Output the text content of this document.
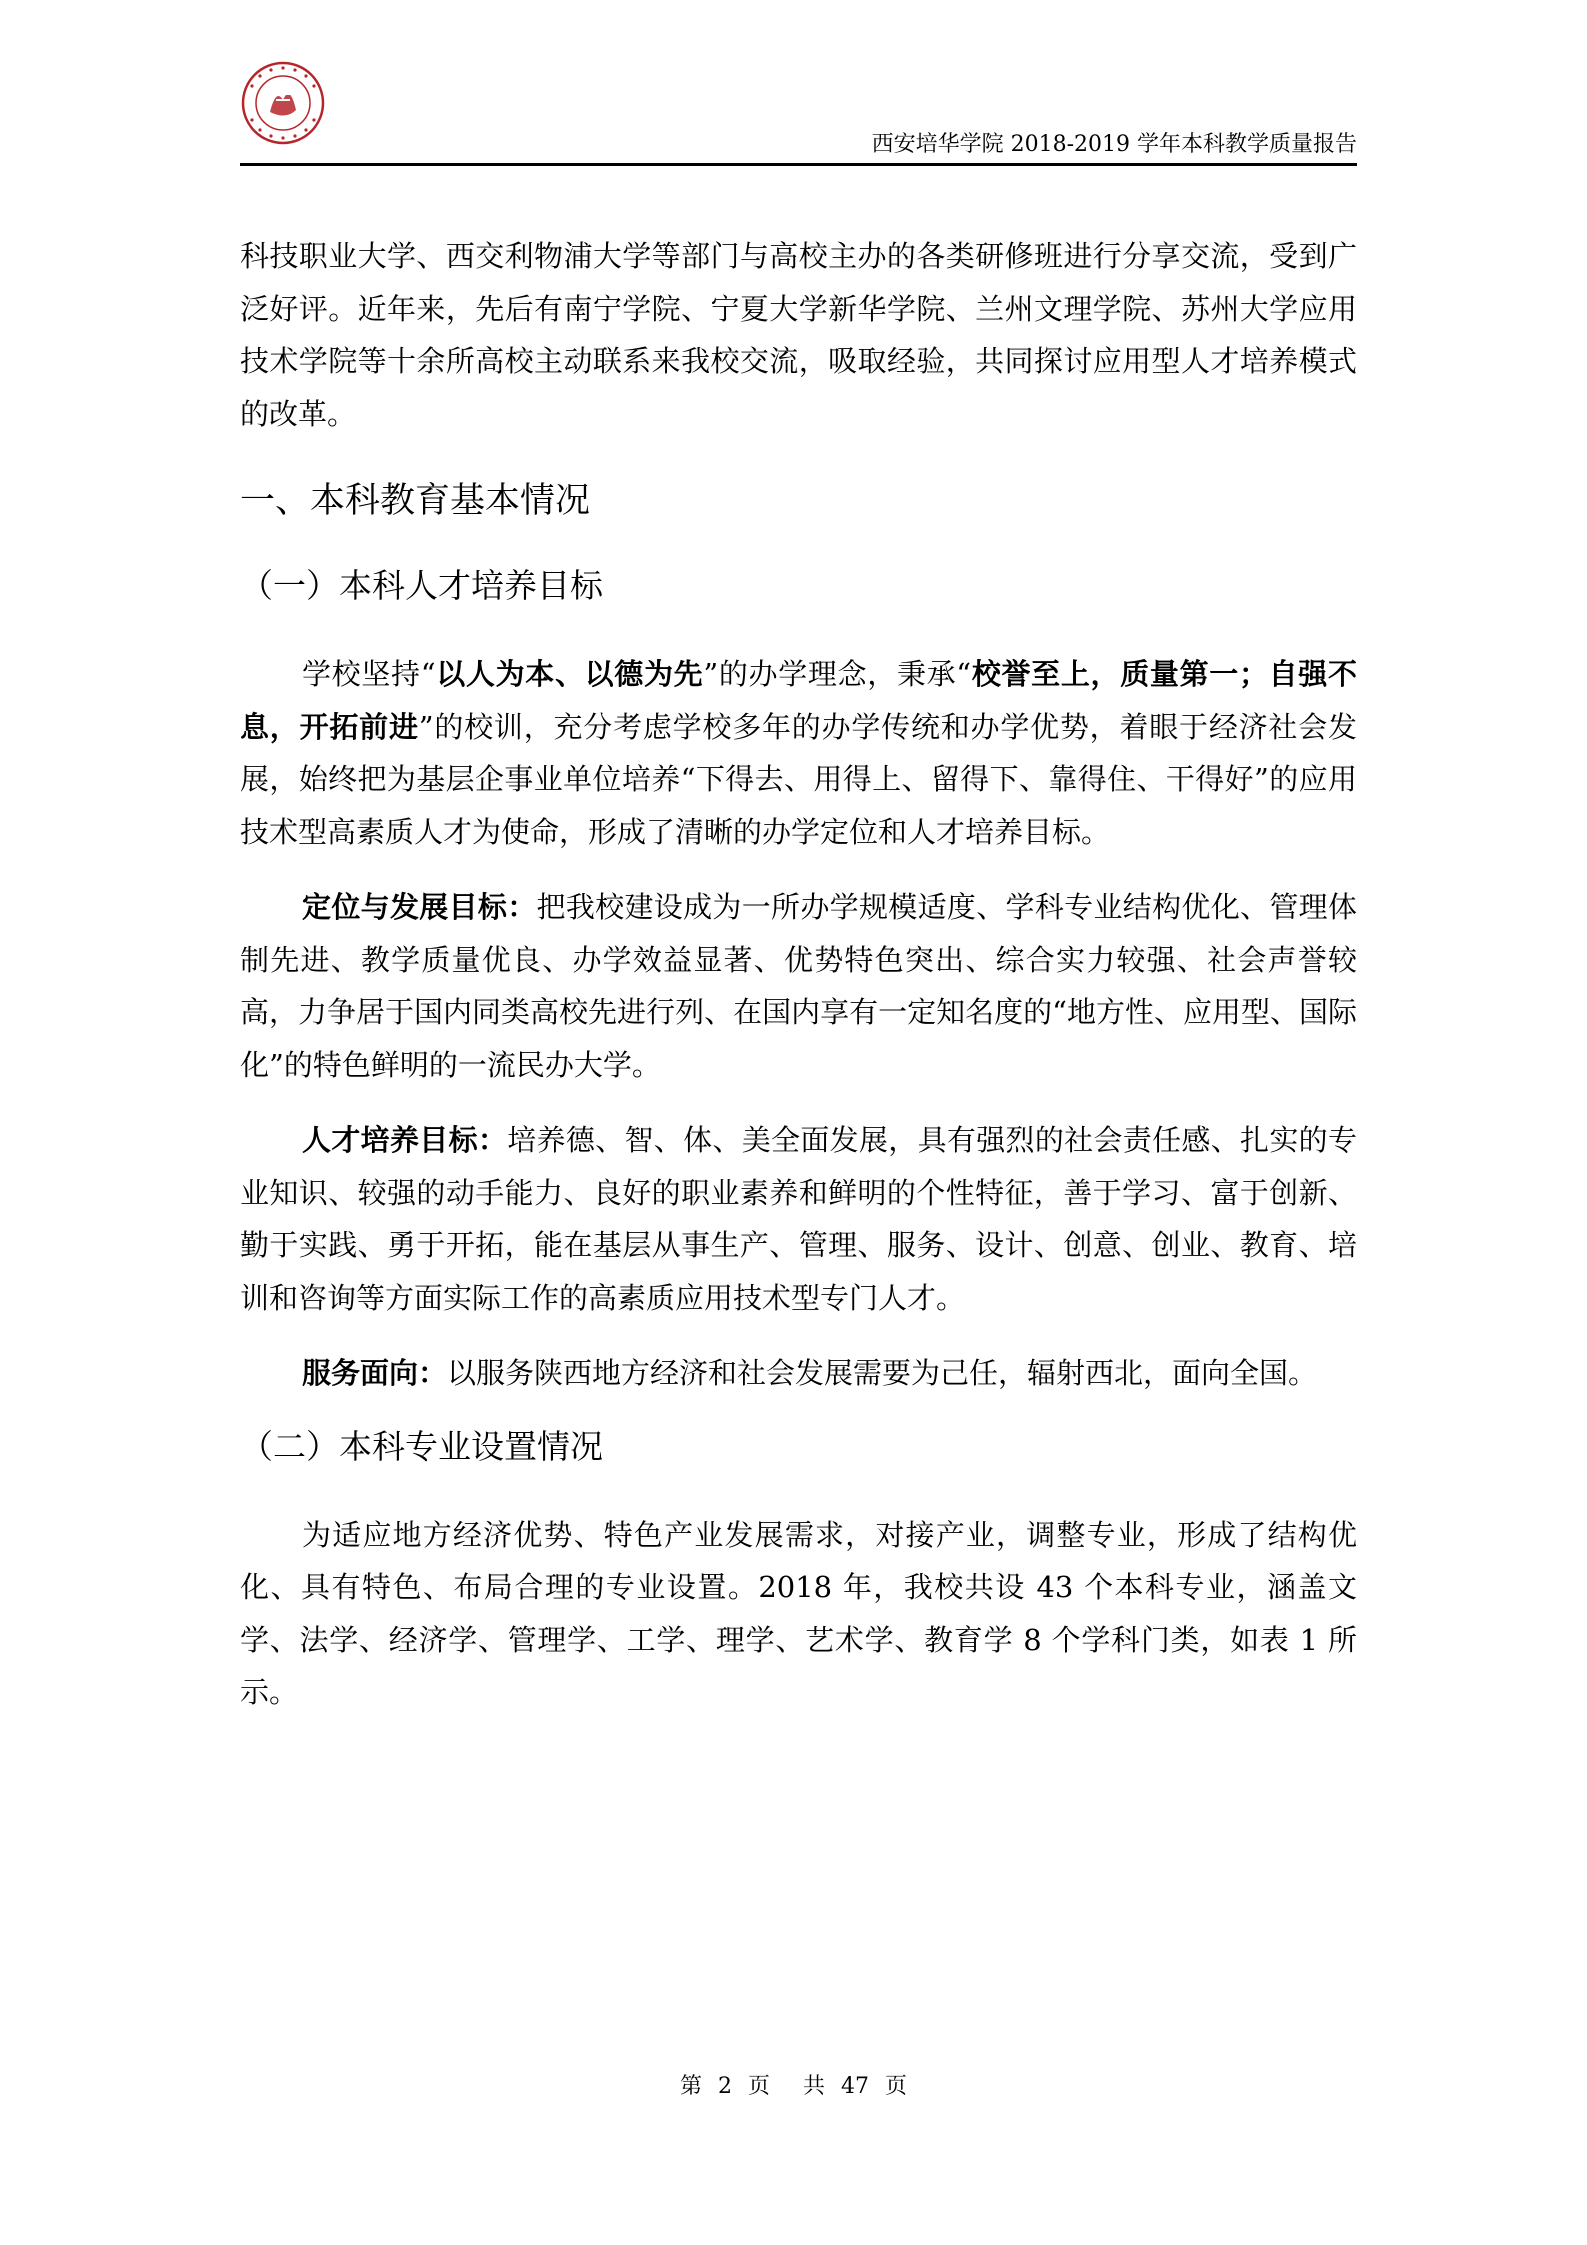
西安培华学院 2018-2019 学年本科教学质量报告

科技职业大学、西交利物浦大学等部门与高校主办的各类研修班进行分享交流，受到广泛好评。近年来，先后有南宁学院、宁夏大学新华学院、兰州文理学院、苏州大学应用技术学院等十余所高校主动联系来我校交流，吸取经验，共同探讨应用型人才培养模式的改革。

一、本科教育基本情况
（一）本科人才培养目标

学校坚持“以人为本、以德为先”的办学理念，秉承“校誉至上，质量第一；自强不息，开拓前进”的校训，充分考虑学校多年的办学传统和办学优势，着眼于经济社会发展，始终把为基层企事业单位培养“下得去、用得上、留得下、靠得住、干得好”的应用技术型高素质人才为使命，形成了清晰的办学定位和人才培养目标。

定位与发展目标：把我校建设成为一所办学规模适度、学科专业结构优化、管理体制先进、教学质量优良、办学效益显著、优势特色突出、综合实力较强、社会声誉较高，力争居于国内同类高校先进行列、在国内享有一定知名度的“地方性、应用型、国际化”的特色鲜明的一流民办大学。

人才培养目标：培养德、智、体、美全面发展，具有强烈的社会责任感、扎实的专业知识、较强的动手能力、良好的职业素养和鲜明的个性特征，善于学习、富于创新、勤于实践、勇于开拓，能在基层从事生产、管理、服务、设计、创意、创业、教育、培训和咨询等方面实际工作的高素质应用技术型专门人才。

服务面向：以服务陕西地方经济和社会发展需要为己任，辐射西北，面向全国。

（二）本科专业设置情况

为适应地方经济优势、特色产业发展需求，对接产业，调整专业，形成了结构优化、具有特色、布局合理的专业设置。2018 年，我校共设 43 个本科专业，涵盖文学、法学、经济学、管理学、工学、理学、艺术学、教育学 8 个学科门类，如表 1 所示。

第 2 页 共 47 页
